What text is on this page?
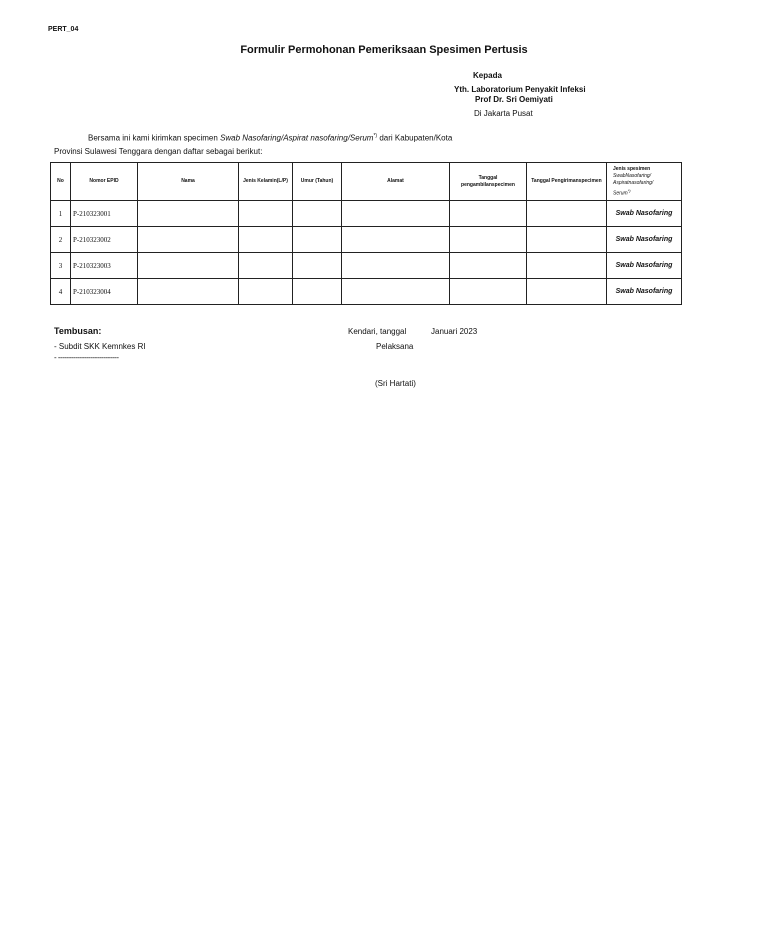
PERT_04
Formulir Permohonan Pemeriksaan Spesimen Pertusis
Kepada
Yth. Laboratorium Penyakit Infeksi
Prof Dr. Sri Oemiyati
Di Jakarta Pusat
Bersama ini kami kirimkan specimen Swab Nasofaring/Aspirat nasofaring/Serum*) dari Kabupaten/Kota
Provinsi Sulawesi Tenggara dengan daftar sebagai berikut:
No	Nomor EPID	Nama	Jenis Kelamin(L/P)	Umur (Tahun)	Alamat	Tanggal pengambilanspecimen	Tanggal Pengirimanspecimen	Jenis spesimen
SwabNasofaring/
Aspiratnasofaring/
Serum*)

1	P-210323001							Swab Nasofaring
2	P-210323002							Swab Nasofaring
3	P-210323003							Swab Nasofaring
4	P-210323004							Swab Nasofaring
Tembusan:
- Subdit SKK Kemnkes RI
- ----------------------------
Kendari, tanggal	Januari 2023
Pelaksana
(Sri Hartati)
